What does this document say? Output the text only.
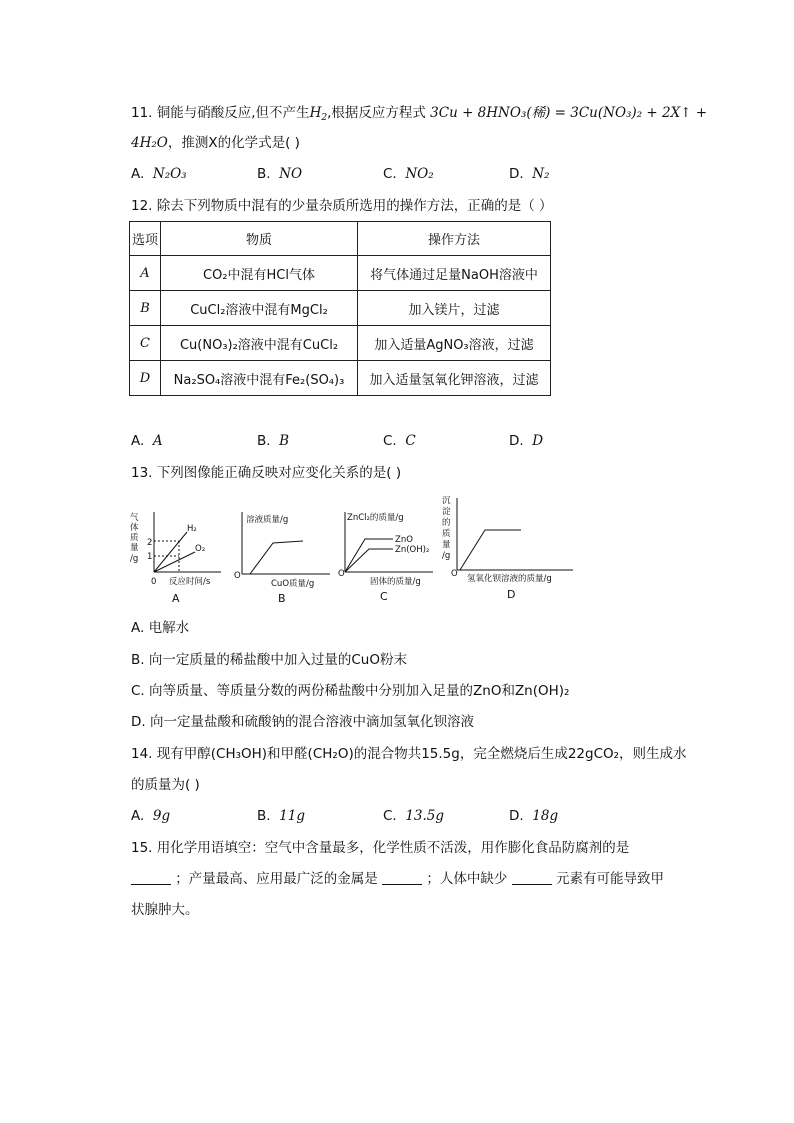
11. 铜能与硝酸反应,但不产生$H_2$,根据反应方程式 3Cu + 8HNO₃(稀) = 3Cu(NO₃)₂ + 2X↑ +
4H₂O，推测X的化学式是( )
A. N₂O₃	B. NO	C. NO₂	D. N₂
12. 除去下列物质中混有的少量杂质所选用的操作方法，正确的是（ ）
选项	物质	操作方法
A	CO₂中混有HCl气体	将气体通过足量NaOH溶液中
B	CuCl₂溶液中混有MgCl₂	加入镁片，过滤
C	Cu(NO₃)₂溶液中混有CuCl₂	加入适量AgNO₃溶液，过滤
D	Na₂SO₄溶液中混有Fe₂(SO₄)₃	加入适量氢氧化钾溶液，过滤
A. A	B. B	C. C	D. D
13. 下列图像能正确反映对应变化关系的是( )
气
体
质
量
/g
2
1
H₂
O₂
0 反应时间/s
A
溶液质量/g
O
CuO质量/g
B
ZnCl₂的质量/g
ZnO
Zn(OH)₂
O
固体的质量/g
C
沉
淀
的
质
量
/g
O 氢氧化钡溶液的质量/g
D
A. 电解水
B. 向一定质量的稀盐酸中加入过量的CuO粉末
C. 向等质量、等质量分数的两份稀盐酸中分别加入足量的ZnO和Zn(OH)₂
D. 向一定量盐酸和硫酸钠的混合溶液中滴加氢氧化钡溶液
14. 现有甲醇(CH₃OH)和甲醛(CH₂O)的混合物共15.5g，完全燃烧后生成22gCO₂，则生成水
的质量为( )
A. 9g	B. 11g	C. 13.5g	D. 18g
15. 用化学用语填空：空气中含量最多，化学性质不活泼，用作膨化食品防腐剂的是
；产量最高、应用最广泛的金属是	；人体中缺少	元素有可能导致甲
状腺肿大。
